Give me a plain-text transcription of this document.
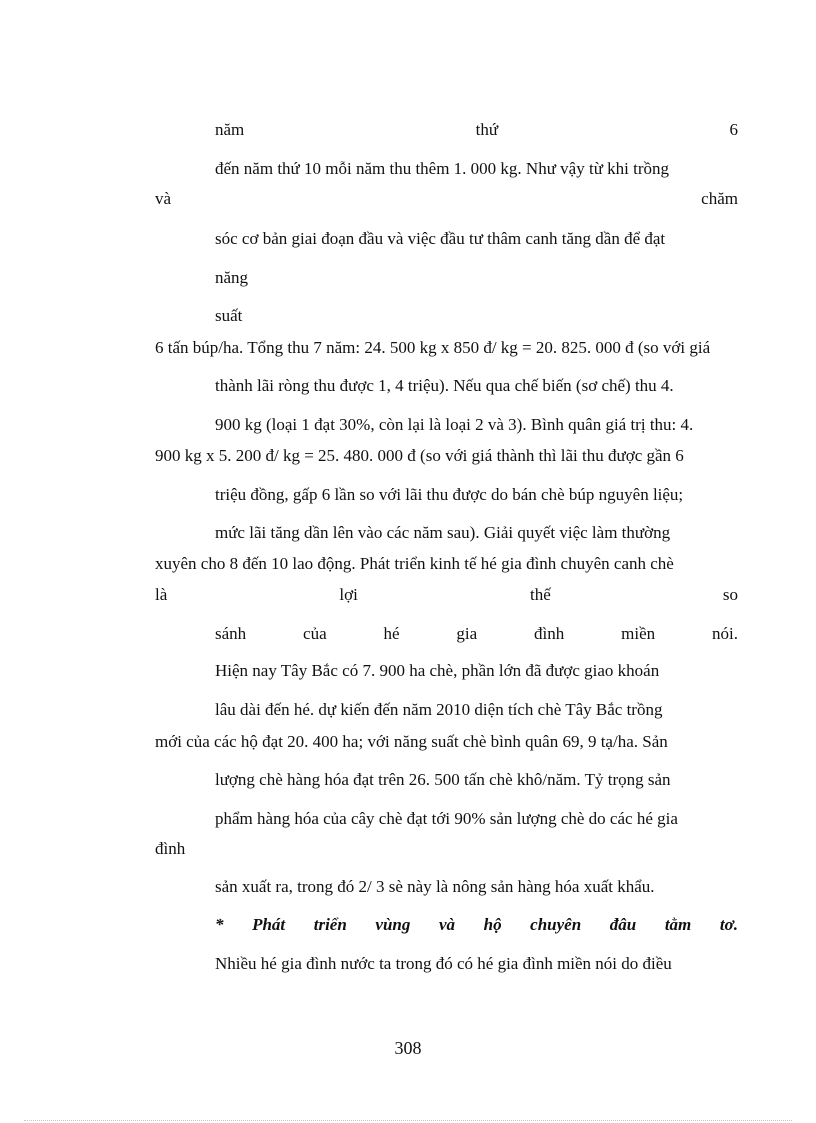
năm	thứ	6
đến năm thứ 10 mỗi năm thu thêm 1. 000 kg. Như vậy từ khi trồng
và	chăm
sóc cơ bản giai đoạn đầu và việc đầu tư thâm canh tăng dần để đạt
năng
suất
6 tấn búp/ha. Tổng thu 7 năm: 24. 500 kg x 850 đ/ kg = 20. 825. 000 đ (so với giá
thành lãi ròng thu được 1, 4 triệu). Nếu qua chế biến (sơ chế) thu 4.
900 kg (loại 1 đạt 30%, còn lại là loại 2 và 3). Bình quân giá trị thu: 4.
900 kg x 5. 200 đ/ kg = 25. 480. 000 đ (so với giá thành thì lãi thu được gần 6
triệu đồng, gấp 6 lần so với lãi thu được do bán chè búp nguyên liệu;
mức lãi tăng dần lên vào các năm sau). Giải quyết việc làm thường
xuyên cho 8 đến 10 lao động. Phát triển kinh tế hé gia đình chuyên canh chè
là	lợi	thế	so
sánh	của	hé	gia	đình	miền	nói.
Hiện nay Tây Bắc có 7. 900 ha chè, phần lớn đã được giao khoán
lâu dài đến hé. dự kiến đến năm 2010 diện tích chè Tây Bắc trồng
mới của các hộ đạt 20. 400 ha; với năng suất chè bình quân 69, 9 tạ/ha. Sản
lượng chè hàng hóa đạt trên 26. 500 tấn chè khô/năm. Tỷ trọng sản
phẩm hàng hóa của cây chè đạt tới 90% sản lượng chè do các hé gia
đình
sản xuất ra, trong đó 2/ 3 sè này là nông sản hàng hóa xuất khẩu.
* Phát triển vùng và hộ chuyên đâu tằm tơ.
Nhiều hé gia đình nước ta trong đó có hé gia đình miền nói do điều
308
